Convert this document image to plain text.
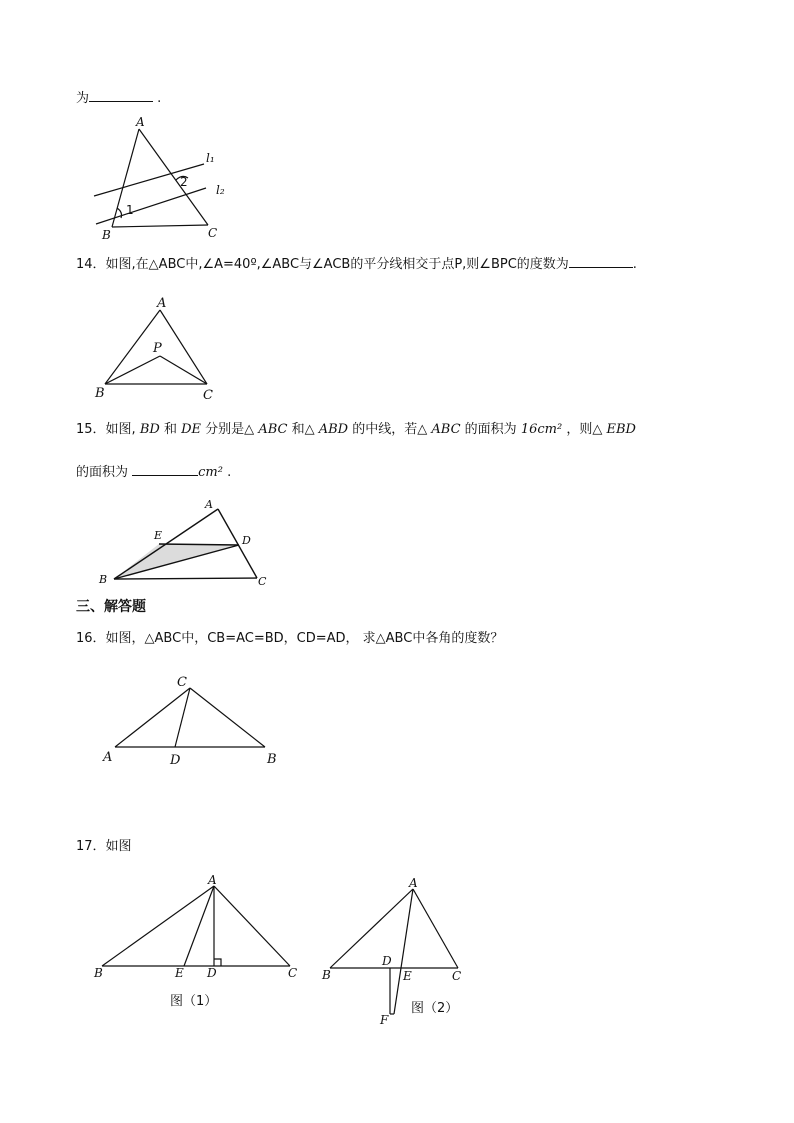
为	.
A
B	C
1
2
l₁
l₂
14．如图,在△ABC中,∠A=40º,∠ABC与∠ACB的平分线相交于点P,则∠BPC的度数为	.
A
P
B	C
15．如图, BD 和 DE 分别是△ ABC 和△ ABD 的中线，若△ ABC 的面积为 16cm² ，则△ EBD
的面积为	cm² .
A
E	D
B	C
三、解答题
16．如图，△ABC中，CB=AC=BD，CD=AD， 求△ABC中各角的度数？
C
A	D	B
17．如图
A
B	E D	C
图（1）
A
B
D
E	C
F
图（2）
